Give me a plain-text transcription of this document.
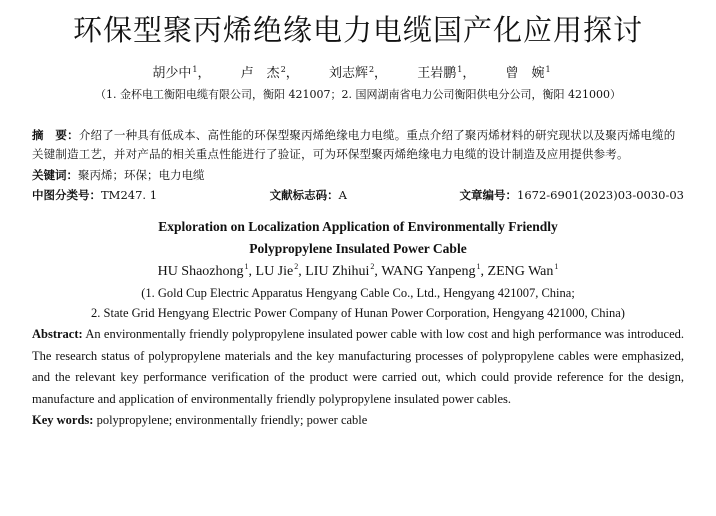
环保型聚丙烯绝缘电力电缆国产化应用探讨
胡少中$^1$， 卢　杰$^2$， 刘志辉$^2$， 王岩鹏$^1$， 曾　婉$^1$
（1. 金杯电工衡阳电缆有限公司，衡阳 421007；2. 国网湖南省电力公司衡阳供电分公司，衡阳 421000）
摘　要：介绍了一种具有低成本、高性能的环保型聚丙烯绝缘电力电缆。重点介绍了聚丙烯材料的研究现状以及聚丙烯电缆的关键制造工艺，并对产品的相关重点性能进行了验证，可为环保型聚丙烯绝缘电力电缆的设计制造及应用提供参考。
关键词：聚丙烯；环保；电力电缆
中图分类号：TM247. 1	文献标志码：A	文章编号：1672-6901(2023)03-0030-03
Exploration on Localization Application of Environmentally Friendly
Polypropylene Insulated Power Cable
HU Shaozhong$^1$, LU Jie$^2$, LIU Zhihui$^2$, WANG Yanpeng$^1$, ZENG Wan$^1$
(1. Gold Cup Electric Apparatus Hengyang Cable Co., Ltd., Hengyang 421007, China;
2. State Grid Hengyang Electric Power Company of Hunan Power Corporation, Hengyang 421000, China)
Abstract: An environmentally friendly polypropylene insulated power cable with low cost and high performance was introduced. The research status of polypropylene materials and the key manufacturing processes of polypropylene cables were emphasized, and the relevant key performance verification of the product were carried out, which could provide reference for the design, manufacture and application of environmentally friendly polypropylene insulated power cables.
Key words: polypropylene; environmentally friendly; power cable
